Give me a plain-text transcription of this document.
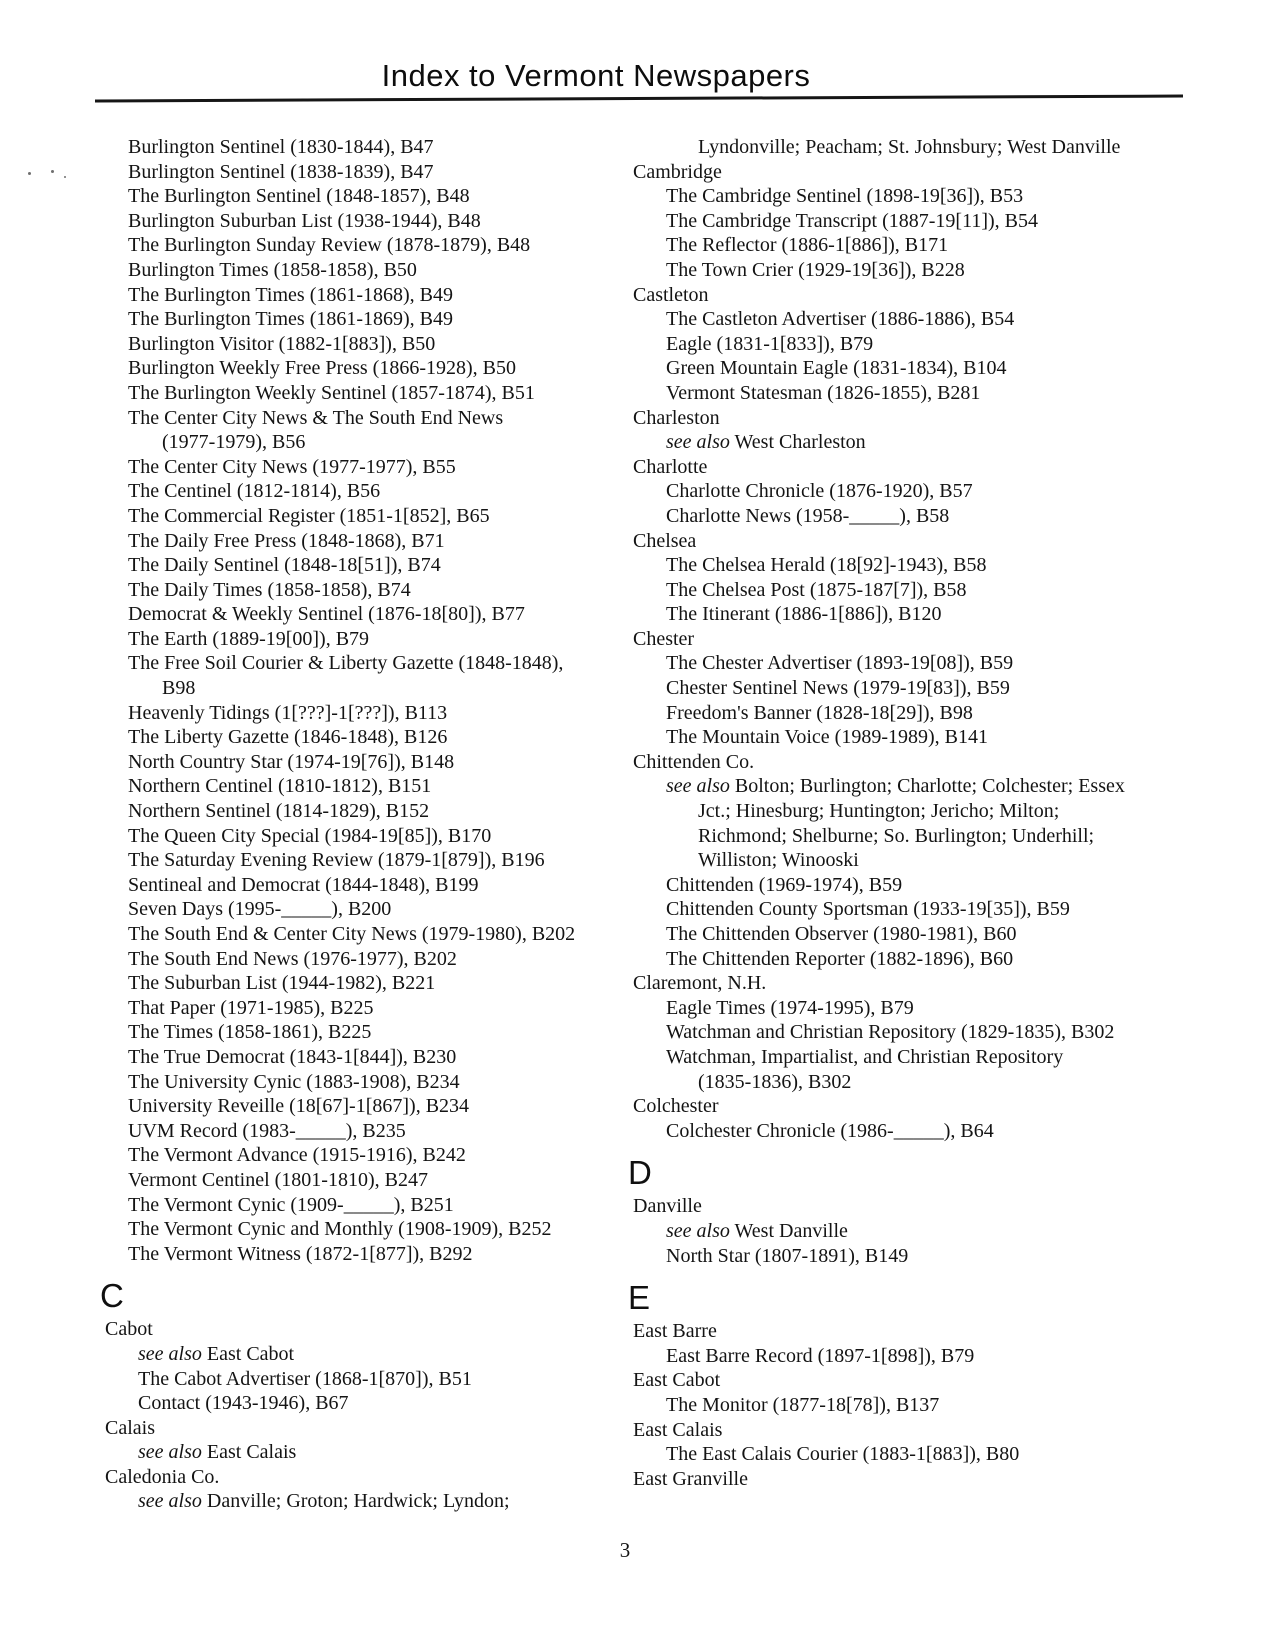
Index to Vermont Newspapers
Burlington Sentinel (1830-1844), B47
Burlington Sentinel (1838-1839), B47
The Burlington Sentinel (1848-1857), B48
Burlington Suburban List (1938-1944), B48
The Burlington Sunday Review (1878-1879), B48
Burlington Times (1858-1858), B50
The Burlington Times (1861-1868), B49
The Burlington Times (1861-1869), B49
Burlington Visitor (1882-1[883]), B50
Burlington Weekly Free Press (1866-1928), B50
The Burlington Weekly Sentinel (1857-1874), B51
The Center City News & The South End News
(1977-1979), B56
The Center City News (1977-1977), B55
The Centinel (1812-1814), B56
The Commercial Register (1851-1[852], B65
The Daily Free Press (1848-1868), B71
The Daily Sentinel (1848-18[51]), B74
The Daily Times (1858-1858), B74
Democrat & Weekly Sentinel (1876-18[80]), B77
The Earth (1889-19[00]), B79
The Free Soil Courier & Liberty Gazette (1848-1848),
B98
Heavenly Tidings (1[???]-1[???]), B113
The Liberty Gazette (1846-1848), B126
North Country Star (1974-19[76]), B148
Northern Centinel (1810-1812), B151
Northern Sentinel (1814-1829), B152
The Queen City Special (1984-19[85]), B170
The Saturday Evening Review (1879-1[879]), B196
Sentineal and Democrat (1844-1848), B199
Seven Days (1995-_____), B200
The South End & Center City News (1979-1980), B202
The South End News (1976-1977), B202
The Suburban List (1944-1982), B221
That Paper (1971-1985), B225
The Times (1858-1861), B225
The True Democrat (1843-1[844]), B230
The University Cynic (1883-1908), B234
University Reveille (18[67]-1[867]), B234
UVM Record (1983-_____), B235
The Vermont Advance (1915-1916), B242
Vermont Centinel (1801-1810), B247
The Vermont Cynic (1909-_____), B251
The Vermont Cynic and Monthly (1908-1909), B252
The Vermont Witness (1872-1[877]), B292
C
Cabot
see also East Cabot
The Cabot Advertiser (1868-1[870]), B51
Contact (1943-1946), B67
Calais
see also East Calais
Caledonia Co.
see also Danville; Groton; Hardwick; Lyndon;
Lyndonville; Peacham; St. Johnsbury; West Danville
Cambridge
The Cambridge Sentinel (1898-19[36]), B53
The Cambridge Transcript (1887-19[11]), B54
The Reflector (1886-1[886]), B171
The Town Crier (1929-19[36]), B228
Castleton
The Castleton Advertiser (1886-1886), B54
Eagle (1831-1[833]), B79
Green Mountain Eagle (1831-1834), B104
Vermont Statesman (1826-1855), B281
Charleston
see also West Charleston
Charlotte
Charlotte Chronicle (1876-1920), B57
Charlotte News (1958-_____), B58
Chelsea
The Chelsea Herald (18[92]-1943), B58
The Chelsea Post (1875-187[7]), B58
The Itinerant (1886-1[886]), B120
Chester
The Chester Advertiser (1893-19[08]), B59
Chester Sentinel News (1979-19[83]), B59
Freedom's Banner (1828-18[29]), B98
The Mountain Voice (1989-1989), B141
Chittenden Co.
see also Bolton; Burlington; Charlotte; Colchester; Essex
Jct.; Hinesburg; Huntington; Jericho; Milton;
Richmond; Shelburne; So. Burlington; Underhill;
Williston; Winooski
Chittenden (1969-1974), B59
Chittenden County Sportsman (1933-19[35]), B59
The Chittenden Observer (1980-1981), B60
The Chittenden Reporter (1882-1896), B60
Claremont, N.H.
Eagle Times (1974-1995), B79
Watchman and Christian Repository (1829-1835), B302
Watchman, Impartialist, and Christian Repository
(1835-1836), B302
Colchester
Colchester Chronicle (1986-_____), B64
D
Danville
see also West Danville
North Star (1807-1891), B149
E
East Barre
East Barre Record (1897-1[898]), B79
East Cabot
The Monitor (1877-18[78]), B137
East Calais
The East Calais Courier (1883-1[883]), B80
East Granville
3
